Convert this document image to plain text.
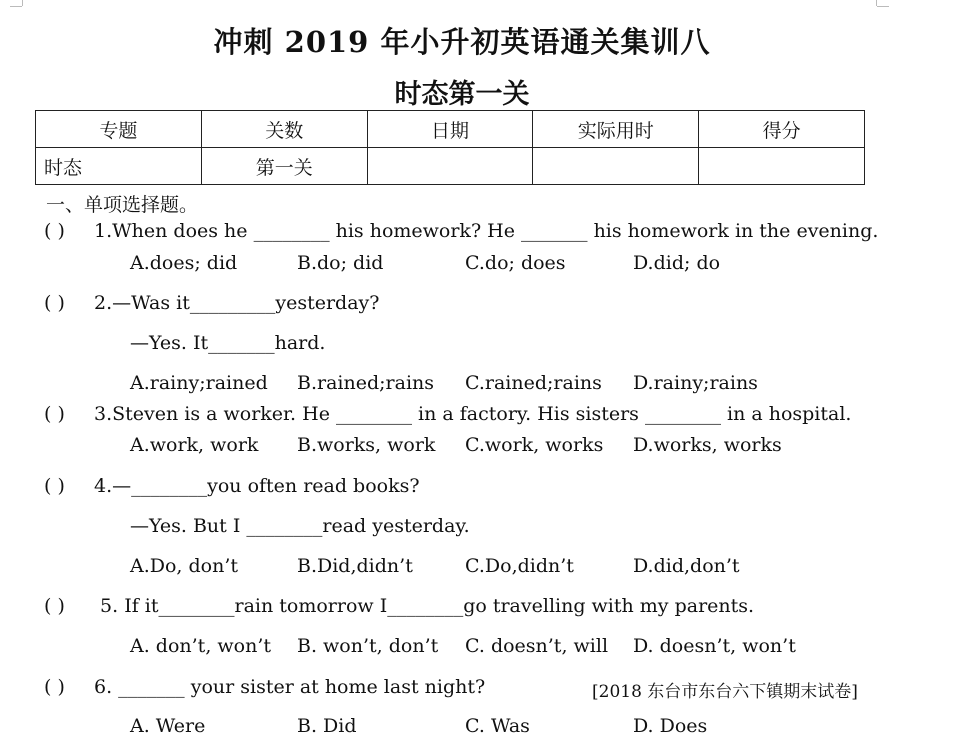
冲刺 2019 年小升初英语通关集训八
时态第一关
专题	关数	日期	实际用时	得分
时态	第一关			
一、单项选择题。
( ) 1.When does he ________ his homework? He _______ his homework in the evening.
A.does; did	B.do; did	C.do; does	D.did; do
( ) 2.—Was it_________yesterday?
—Yes. It_______hard.
A.rainy;rained B.rained;rains C.rained;rains D.rainy;rains
( ) 3.Steven is a worker. He ________ in a factory. His sisters ________ in a hospital.
A.work, work B.works, work C.work, works D.works, works
( ) 4.—________you often read books?
—Yes. But I ________read yesterday.
A.Do, don’t	B.Did,didn’t	C.Do,didn’t	D.did,don’t
( ) 5. If it________rain tomorrow I________go travelling with my parents.
A. don’t, won’t B. won’t, don’t C. doesn’t, will D. doesn’t, won’t
( ) 6. _______ your sister at home last night?	[2018 东台市东台六下镇期末试卷]
A. Were	B. Did	C. Was	D. Does
